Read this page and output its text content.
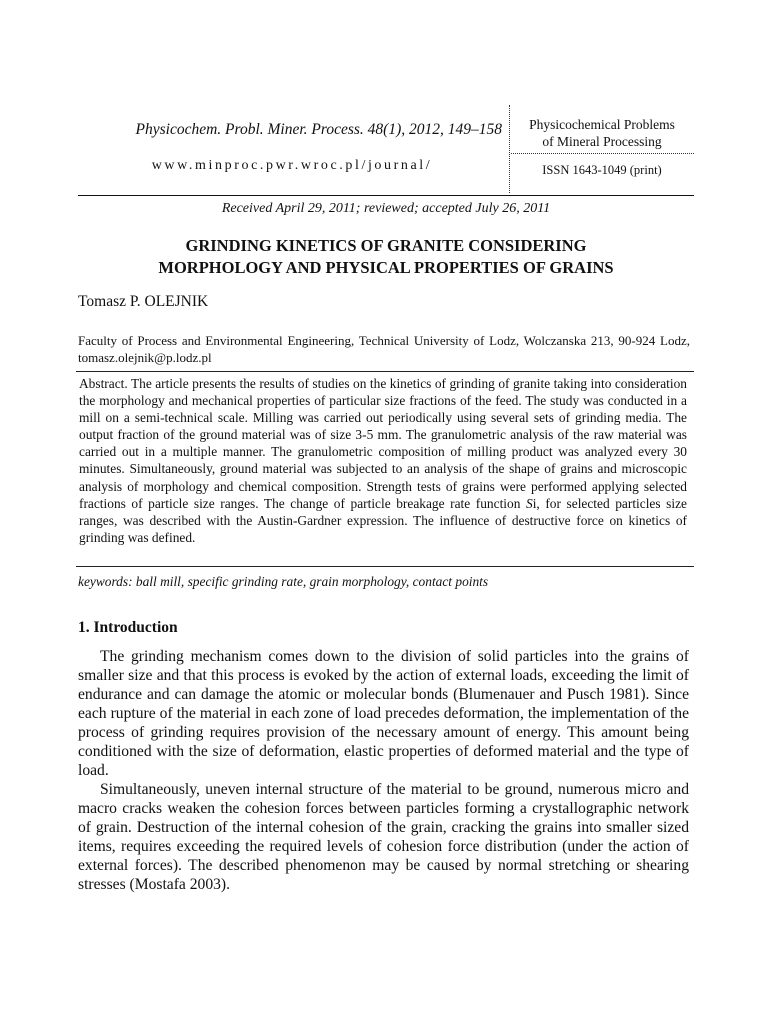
Physicochem. Probl. Miner. Process. 48(1), 2012, 149–158
www.minproc.pwr.wroc.pl/journal/
Physicochemical Problems
of Mineral Processing
ISSN 1643-1049 (print)
Received April 29, 2011; reviewed; accepted July 26, 2011
GRINDING KINETICS OF GRANITE CONSIDERING
MORPHOLOGY AND PHYSICAL PROPERTIES OF GRAINS
Tomasz P. OLEJNIK
Faculty of Process and Environmental Engineering, Technical University of Lodz, Wolczanska 213, 90-924 Lodz, tomasz.olejnik@p.lodz.pl
Abstract. The article presents the results of studies on the kinetics of grinding of granite taking into consideration the morphology and mechanical properties of particular size fractions of the feed. The study was conducted in a mill on a semi-technical scale. Milling was carried out periodically using several sets of grinding media. The output fraction of the ground material was of size 3-5 mm. The granulometric analysis of the raw material was carried out in a multiple manner. The granulometric composition of milling product was analyzed every 30 minutes. Simultaneously, ground material was subjected to an analysis of the shape of grains and microscopic analysis of morphology and chemical composition. Strength tests of grains were performed applying selected fractions of particle size ranges. The change of particle breakage rate function Si, for selected particles size ranges, was described with the Austin-Gardner expression. The influence of destructive force on kinetics of grinding was defined.
keywords: ball mill, specific grinding rate, grain morphology, contact points
1. Introduction

The grinding mechanism comes down to the division of solid particles into the grains of smaller size and that this process is evoked by the action of external loads, exceeding the limit of endurance and can damage the atomic or molecular bonds (Blumenauer and Pusch 1981). Since each rupture of the material in each zone of load precedes deformation, the implementation of the process of grinding requires provision of the necessary amount of energy. This amount being conditioned with the size of deformation, elastic properties of deformed material and the type of load.

Simultaneously, uneven internal structure of the material to be ground, numerous micro and macro cracks weaken the cohesion forces between particles forming a crystallographic network of grain. Destruction of the internal cohesion of the grain, cracking the grains into smaller sized items, requires exceeding the required levels of cohesion force distribution (under the action of external forces). The described phenomenon may be caused by normal stretching or shearing stresses (Mostafa 2003).
